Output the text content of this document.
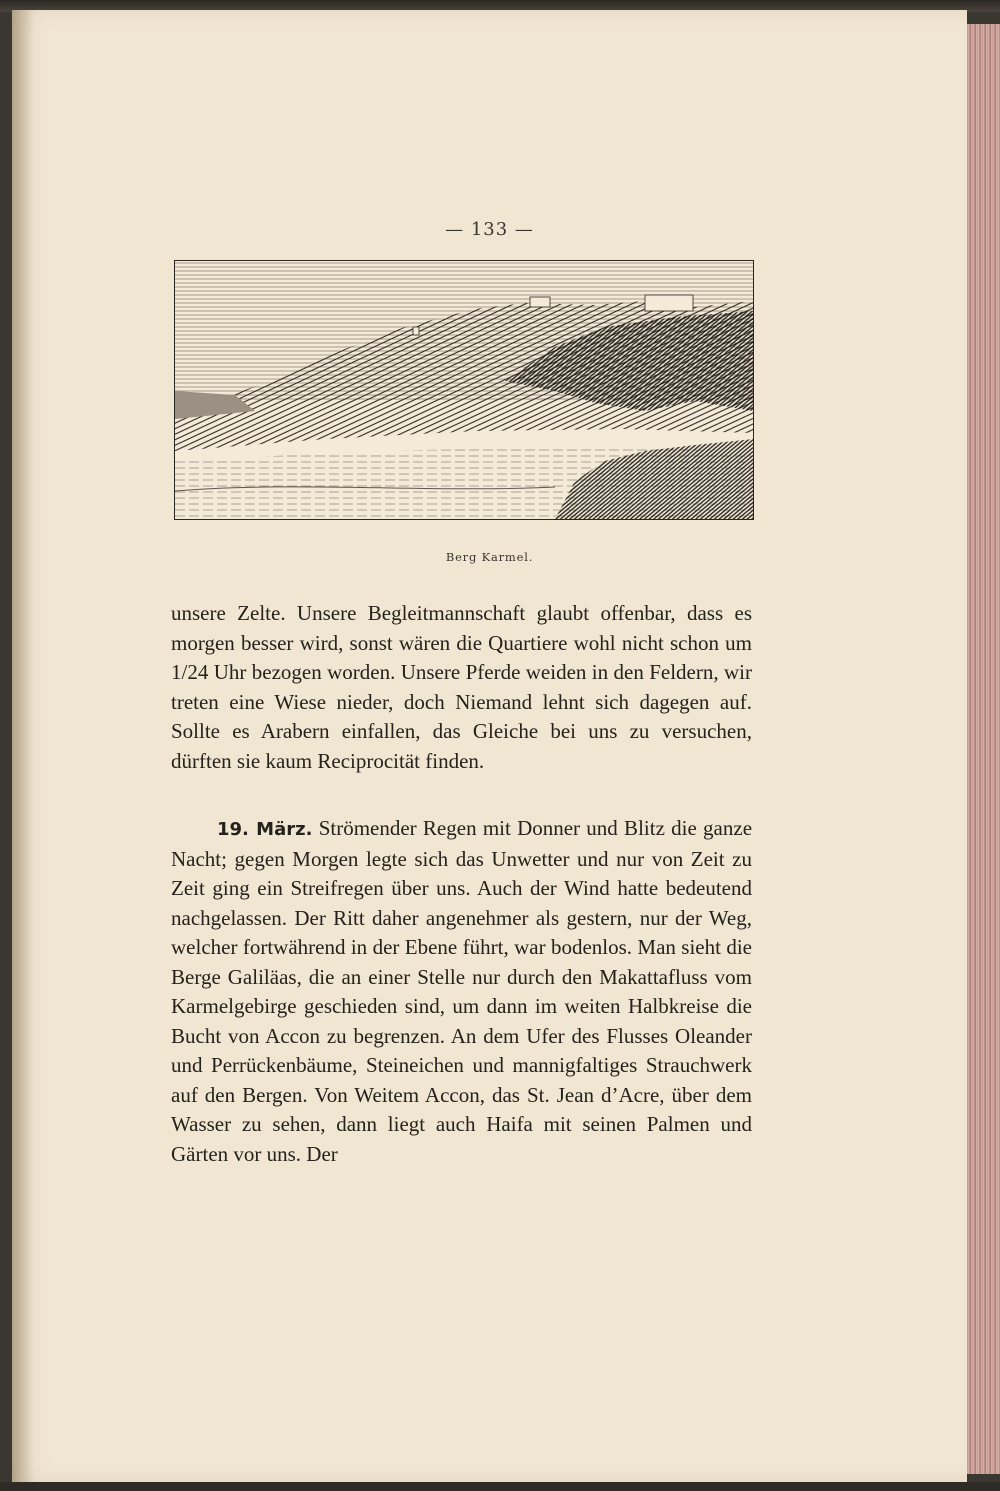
— 133 —
Berg Karmel.

unsere Zelte. Unsere Begleitmannschaft glaubt offenbar, dass es morgen besser wird, sonst wären die Quartiere wohl nicht schon um 1/24 Uhr bezogen worden. Unsere Pferde weiden in den Feldern, wir treten eine Wiese nieder, doch Niemand lehnt sich dagegen auf. Sollte es Arabern einfallen, das Gleiche bei uns zu versuchen, dürften sie kaum Reciprocität finden.

19. März. Strömender Regen mit Donner und Blitz die ganze Nacht; gegen Morgen legte sich das Unwetter und nur von Zeit zu Zeit ging ein Streifregen über uns. Auch der Wind hatte bedeutend nachgelassen. Der Ritt daher angenehmer als gestern, nur der Weg, welcher fortwährend in der Ebene führt, war bodenlos. Man sieht die Berge Galiläas, die an einer Stelle nur durch den Makattafluss vom Karmelgebirge geschieden sind, um dann im weiten Halbkreise die Bucht von Accon zu begrenzen. An dem Ufer des Flusses Oleander und Perrückenbäume, Steineichen und mannigfaltiges Strauchwerk auf den Bergen. Von Weitem Accon, das St. Jean d’Acre, über dem Wasser zu sehen, dann liegt auch Haifa mit seinen Palmen und Gärten vor uns. Der
